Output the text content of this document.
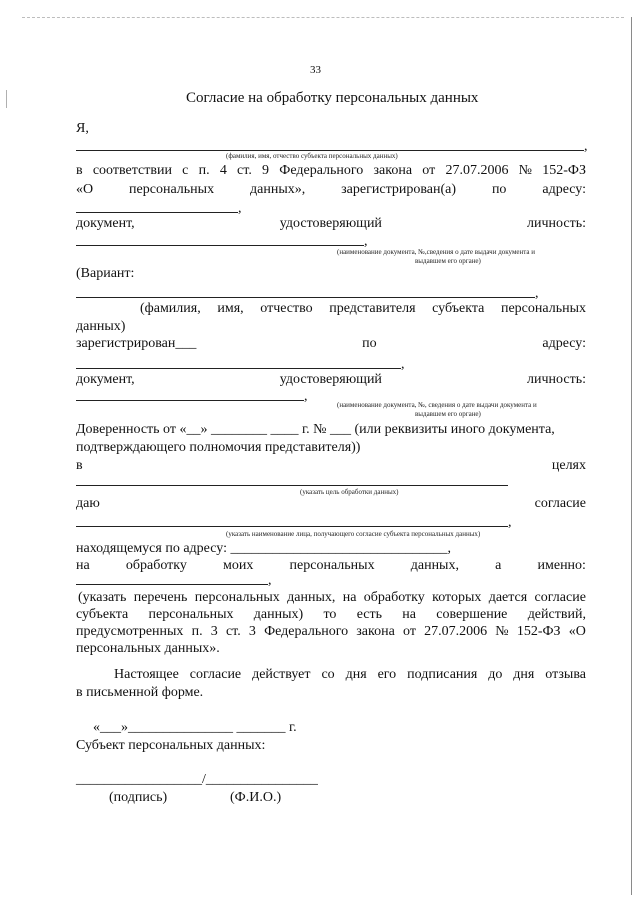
33
Согласие на обработку персональных данных
Я,
,
(фамилия, имя, отчество субъекта персональных данных)
в соответствии с п. 4 ст. 9 Федерального закона от 27.07.2006 № 152-ФЗ
«О	персональных	данных»,	зарегистрирован(а)	по	адресу:
,
документ,	удостоверяющий	личность:
,
(наименование документа, №,сведения о дате выдачи документа и
выдавшем его органе)
(Вариант:
,
(фамилия, имя, отчество представителя субъекта персональных
данных)
зарегистрирован___	по	адресу:
,
документ,	удостоверяющий	личность:
,
(наименование документа, №, сведения о дате выдачи документа и
выдавшем его органе)
Доверенность от «__» ________ ____ г. № ___ (или реквизиты иного документа,
подтверждающего полномочия представителя))
в	целях
(указать цель обработки данных)
даю	согласие
,
(указать наименование лица, получающего согласие субъекта персональных данных)
находящемуся по адресу: _______________________________,
на	обработку	моих	персональных	данных,	а	именно:
,
(указать перечень персональных данных, на обработку которых дается согласие
субъекта персональных данных) то есть на совершение действий,
предусмотренных п. 3 ст. 3 Федерального закона от 27.07.2006 № 152-ФЗ «О
персональных данных».
Настоящее согласие действует со дня его подписания до дня отзыва
в письменной форме.
«___»_______________ _______ г.
Субъект персональных данных:
__________________/________________
(подпись)	(Ф.И.О.)
